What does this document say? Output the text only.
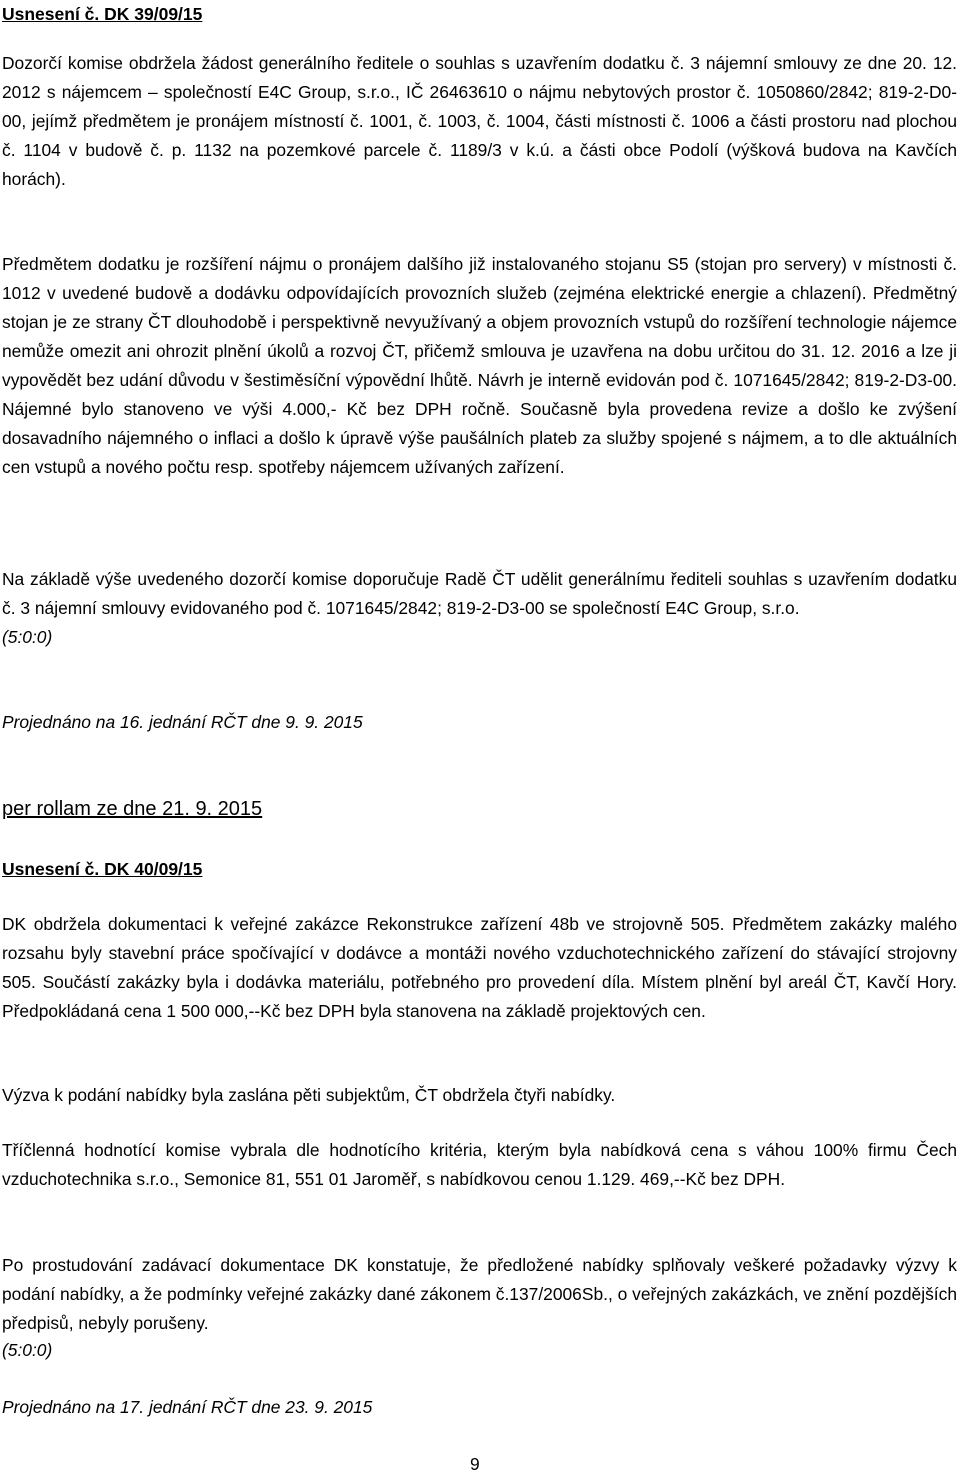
Usnesení č. DK 39/09/15
Dozorčí komise obdržela žádost generálního ředitele o souhlas s uzavřením dodatku č. 3 nájemní smlouvy ze dne 20. 12. 2012 s nájemcem – společností E4C Group, s.r.o., IČ 26463610 o nájmu nebytových prostor č. 1050860/2842; 819-2-D0-00, jejímž předmětem je pronájem místností č. 1001, č. 1003, č. 1004, části místnosti č. 1006 a části prostoru nad plochou č. 1104 v budově č. p. 1132 na pozemkové parcele č. 1189/3 v k.ú. a části obce Podolí (výšková budova na Kavčích horách).
Předmětem dodatku je rozšíření nájmu o pronájem dalšího již instalovaného stojanu S5 (stojan pro servery) v místnosti č. 1012 v uvedené budově a dodávku odpovídajících provozních služeb (zejména elektrické energie a chlazení). Předmětný stojan je ze strany ČT dlouhodobě i perspektivně nevyužívaný a objem provozních vstupů do rozšíření technologie nájemce nemůže omezit ani ohrozit plnění úkolů a rozvoj ČT, přičemž smlouva je uzavřena na dobu určitou do 31. 12. 2016 a lze ji vypovědět bez udání důvodu v šestiměsíční výpovědní lhůtě. Návrh je interně evidován pod č. 1071645/2842; 819-2-D3-00. Nájemné bylo stanoveno ve výši 4.000,- Kč bez DPH ročně. Současně byla provedena revize a došlo ke zvýšení dosavadního nájemného o inflaci a došlo k úpravě výše paušálních plateb za služby spojené s nájmem, a to dle aktuálních cen vstupů a nového počtu resp. spotřeby nájemcem užívaných zařízení.
Na základě výše uvedeného dozorčí komise doporučuje Radě ČT udělit generálnímu řediteli souhlas s uzavřením dodatku č. 3 nájemní smlouvy evidovaného pod č. 1071645/2842; 819-2-D3-00 se společností E4C Group, s.r.o.
(5:0:0)
Projednáno na 16. jednání RČT dne 9. 9. 2015
per rollam ze dne 21. 9. 2015
Usnesení č. DK 40/09/15
DK obdržela dokumentaci k veřejné zakázce Rekonstrukce zařízení 48b ve strojovně 505. Předmětem zakázky malého rozsahu byly stavební práce spočívající v dodávce a montáži nového vzduchotechnického zařízení do stávající strojovny 505. Součástí zakázky byla i dodávka materiálu, potřebného pro provedení díla. Místem plnění byl areál ČT, Kavčí Hory. Předpokládaná cena 1 500 000,--Kč bez DPH byla stanovena na základě projektových cen.
Výzva k podání nabídky byla zaslána pěti subjektům, ČT obdržela čtyři nabídky.
Tříčlenná hodnotící komise vybrala dle hodnotícího kritéria, kterým byla nabídková cena s váhou 100% firmu Čech vzduchotechnika s.r.o., Semonice 81, 551 01 Jaroměř, s nabídkovou cenou 1.129. 469,--Kč bez DPH.
Po prostudování zadávací dokumentace DK konstatuje, že předložené nabídky splňovaly veškeré požadavky výzvy k podání nabídky, a že podmínky veřejné zakázky dané zákonem č.137/2006Sb., o veřejných zakázkách, ve znění pozdějších předpisů, nebyly porušeny.
(5:0:0)
Projednáno na 17. jednání RČT dne 23. 9. 2015
9
